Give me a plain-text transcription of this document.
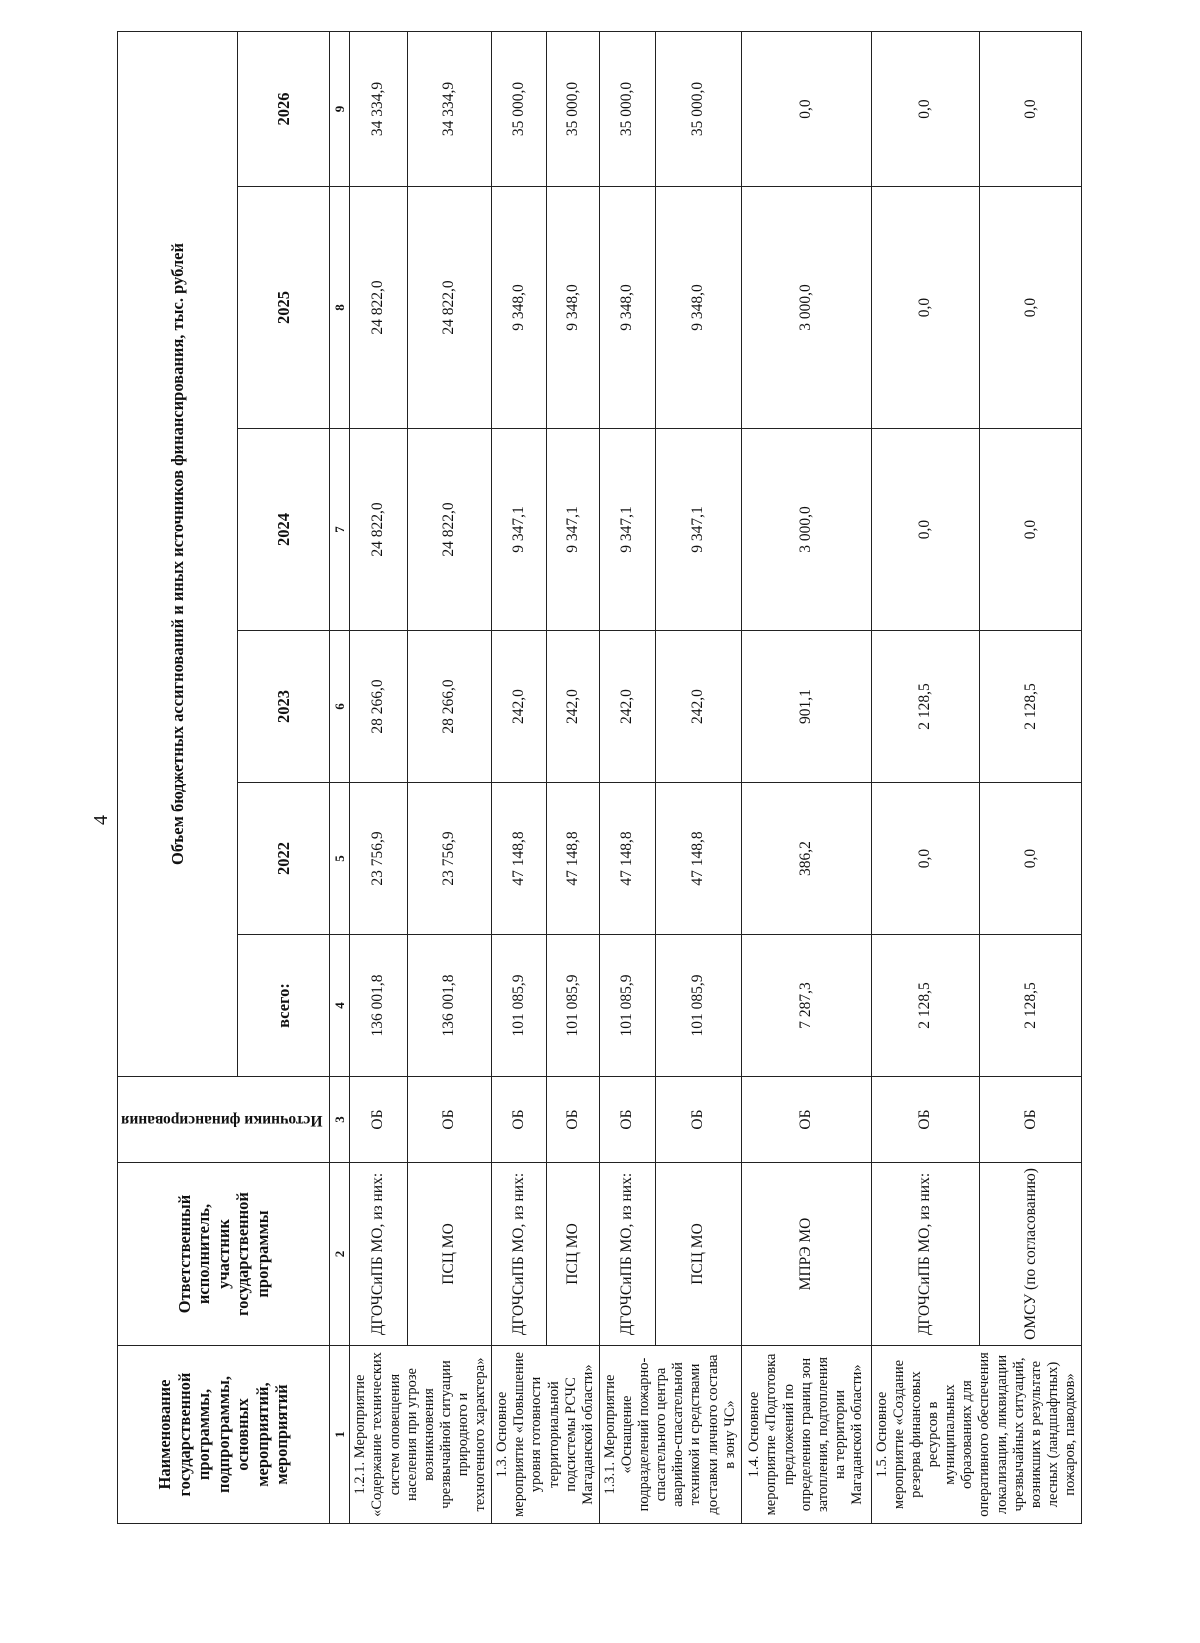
4
Наименование государственной программы, подпрограммы, основных мероприятий, мероприятий	Ответственный исполнитель, участник государственной программы	Источники финансирования	Объем бюджетных ассигнований и иных источников финансирования, тыс. рублей					
			всего:	2022	2023	2024	2025	2026
1	2	3	4	5	6	7	8	9
1.2.1. Мероприятие «Содержание технических систем оповещения населения при угрозе возникновения чрезвычайной ситуации природного и техногенного характера»	ДГОЧСиПБ МО, из них:	ОБ	136 001,8	23 756,9	28 266,0	24 822,0	24 822,0	34 334,9
	ПСЦ МО	ОБ	136 001,8	23 756,9	28 266,0	24 822,0	24 822,0	34 334,9
1.3. Основное мероприятие «Повышение уровня готовности территориальной подсистемы РСЧС Магаданской области»	ДГОЧСиПБ МО, из них:	ОБ	101 085,9	47 148,8	242,0	9 347,1	9 348,0	35 000,0
	ПСЦ МО	ОБ	101 085,9	47 148,8	242,0	9 347,1	9 348,0	35 000,0
1.3.1. Мероприятие «Оснащение подразделений пожарно-спасательного центра аварийно-спасательной техникой и средствами доставки личного состава в зону ЧС»	ДГОЧСиПБ МО, из них:	ОБ	101 085,9	47 148,8	242,0	9 347,1	9 348,0	35 000,0
	ПСЦ МО	ОБ	101 085,9	47 148,8	242,0	9 347,1	9 348,0	35 000,0
1.4. Основное мероприятие «Подготовка предложений по определению границ зон затопления, подтопления на территории Магаданской области»	МПРЭ МО	ОБ	7 287,3	386,2	901,1	3 000,0	3 000,0	0,0
1.5. Основное мероприятие «Создание резерва финансовых ресурсов в муниципальных образованиях для оперативного обеспечения локализации, ликвидации чрезвычайных ситуаций, возникших в результате лесных (ландшафтных) пожаров, паводков»	ДГОЧСиПБ МО, из них:	ОБ	2 128,5	0,0	2 128,5	0,0	0,0	0,0
	ОМСУ (по согласованию)	ОБ	2 128,5	0,0	2 128,5	0,0	0,0	0,0
